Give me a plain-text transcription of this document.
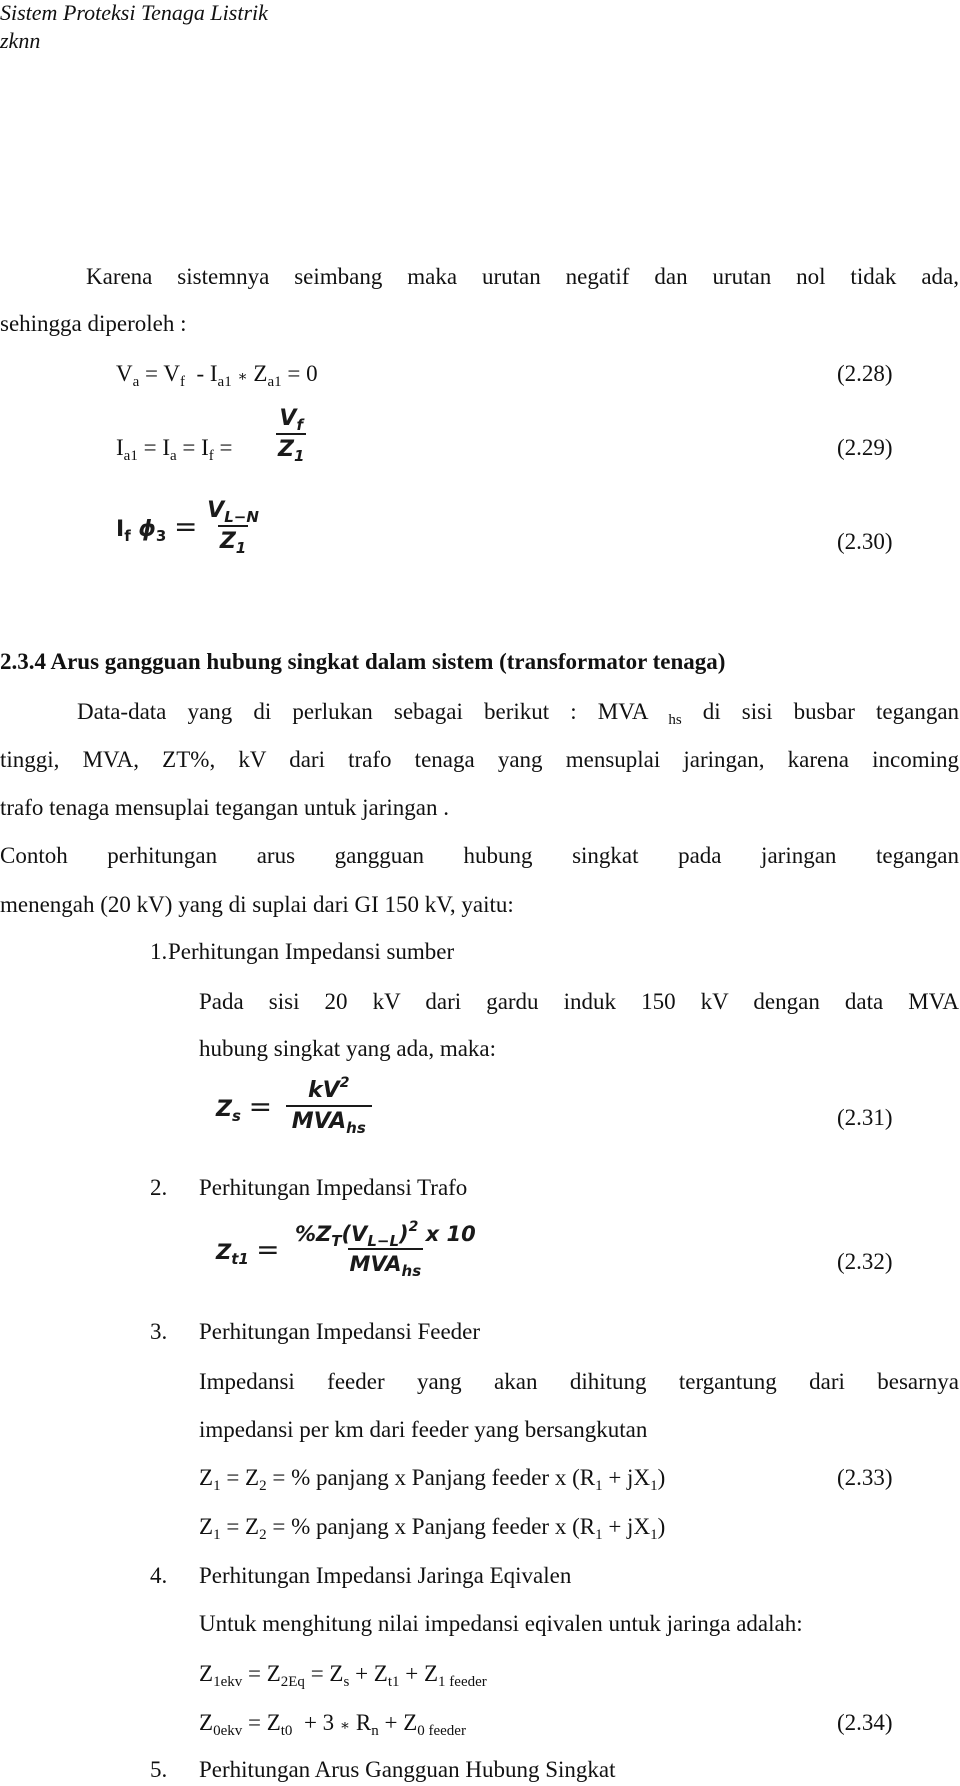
Sistem Proteksi Tenaga Listrik
zknn
Karena sistemnya seimbang maka urutan negatif dan urutan nol tidak ada,
sehingga diperoleh :
$V_a = V_f - I_{a1}$ ∗ $Z_{a1} = 0$	(2.28)
$I_{a1} = I_a = I_f = \frac{V_f}{Z_1}$	(2.29)
$I_f$ $\phi_3 = \frac{V_{L-N}}{Z_1}$	(2.30)
2.3.4 Arus gangguan hubung singkat dalam sistem (transformator tenaga)
Data-data yang di perlukan sebagai berikut : MVA $_{hs}$ di sisi busbar tegangan
tinggi, MVA, ZT%, kV dari trafo tenaga yang mensuplai jaringan, karena incoming
trafo tenaga mensuplai tegangan untuk jaringan .
Contoh perhitungan arus gangguan hubung singkat pada jaringan tegangan
menengah (20 kV) yang di suplai dari GI 150 kV, yaitu:
1. Perhitungan Impedansi sumber
Pada sisi 20 kV dari gardu induk 150 kV dengan data MVA
hubung singkat yang ada, maka:
$Z_s = \frac{kV^2}{MVA_{hs}}$	(2.31)
2. Perhitungan Impedansi Trafo
$Z_{t1} = \frac{\%Z_T(V_{L-L})^2 x 10}{MVA_{hs}}$	(2.32)
3. Perhitungan Impedansi Feeder
Impedansi feeder yang akan dihitung tergantung dari besarnya
impedansi per km dari feeder yang bersangkutan
$Z_1 = Z_2$ = % panjang x Panjang feeder x $(R_1 + jX_1)$	(2.33)
$Z_1 = Z_2$ = % panjang x Panjang feeder x $(R_1 + jX_1)$
4. Perhitungan Impedansi Jaringa Eqivalen
Untuk menghitung nilai impedansi eqivalen untuk jaringa adalah:
$Z_{1ekv} = Z_{2Eq} = Z_s + Z_{t1} + Z_{1 feeder}$
$Z_{0ekv} = Z_{t0} + 3$ ∗ $R_n + Z_{0 feeder}$	(2.34)
5. Perhitungan Arus Gangguan Hubung Singkat
